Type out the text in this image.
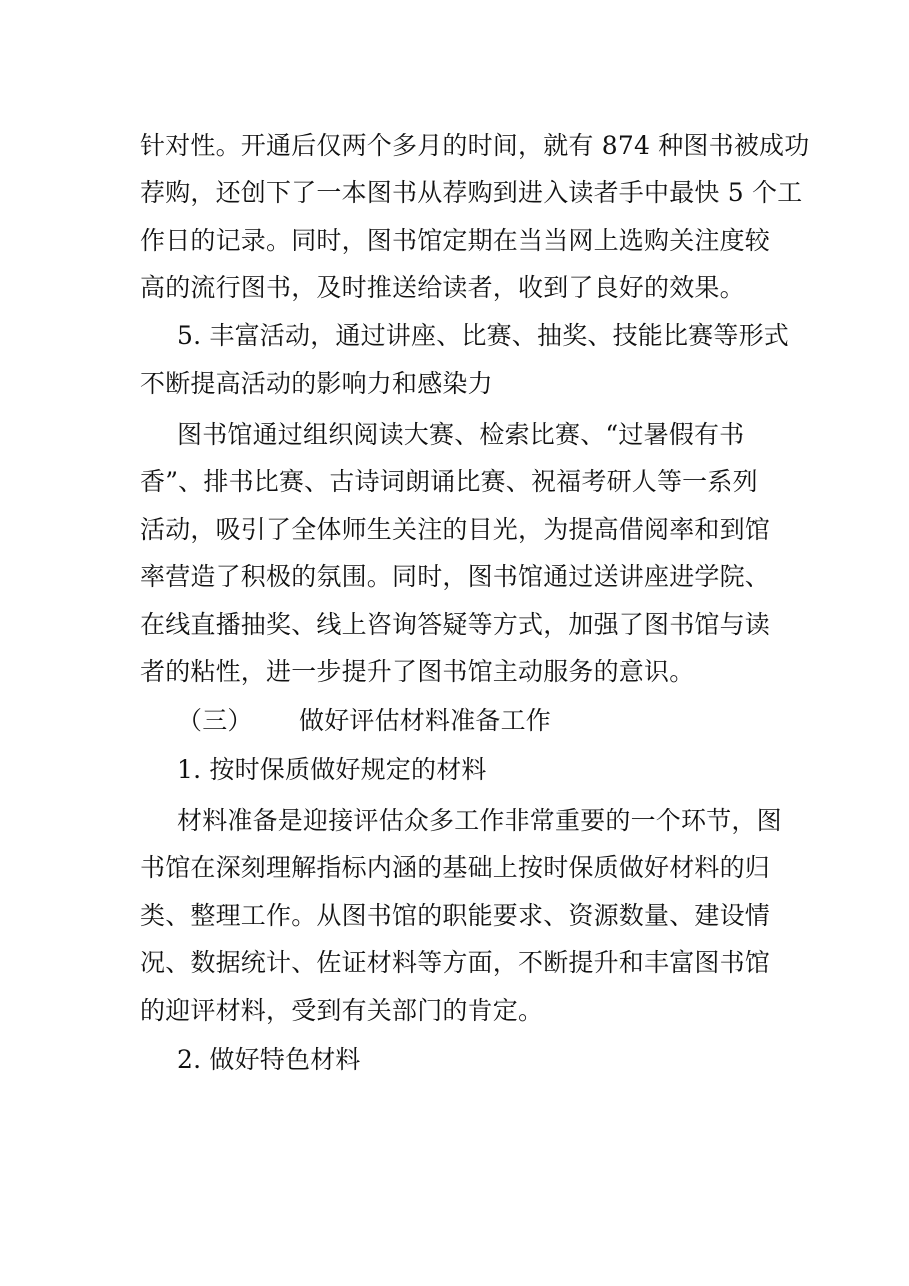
针对性。开通后仅两个多月的时间，就有 874 种图书被成功
荐购，还创下了一本图书从荐购到进入读者手中最快 5 个工
作日的记录。同时，图书馆定期在当当网上选购关注度较
高的流行图书，及时推送给读者，收到了良好的效果。
5. 丰富活动，通过讲座、比赛、抽奖、技能比赛等形式
不断提高活动的影响力和感染力
图书馆通过组织阅读大赛、检索比赛、“过暑假有书
香”、排书比赛、古诗词朗诵比赛、祝福考研人等一系列
活动，吸引了全体师生关注的目光，为提高借阅率和到馆
率营造了积极的氛围。同时，图书馆通过送讲座进学院、
在线直播抽奖、线上咨询答疑等方式，加强了图书馆与读
者的粘性，进一步提升了图书馆主动服务的意识。
（三） 做好评估材料准备工作
1. 按时保质做好规定的材料
材料准备是迎接评估众多工作非常重要的一个环节，图
书馆在深刻理解指标内涵的基础上按时保质做好材料的归
类、整理工作。从图书馆的职能要求、资源数量、建设情
况、数据统计、佐证材料等方面，不断提升和丰富图书馆
的迎评材料，受到有关部门的肯定。
2. 做好特色材料
